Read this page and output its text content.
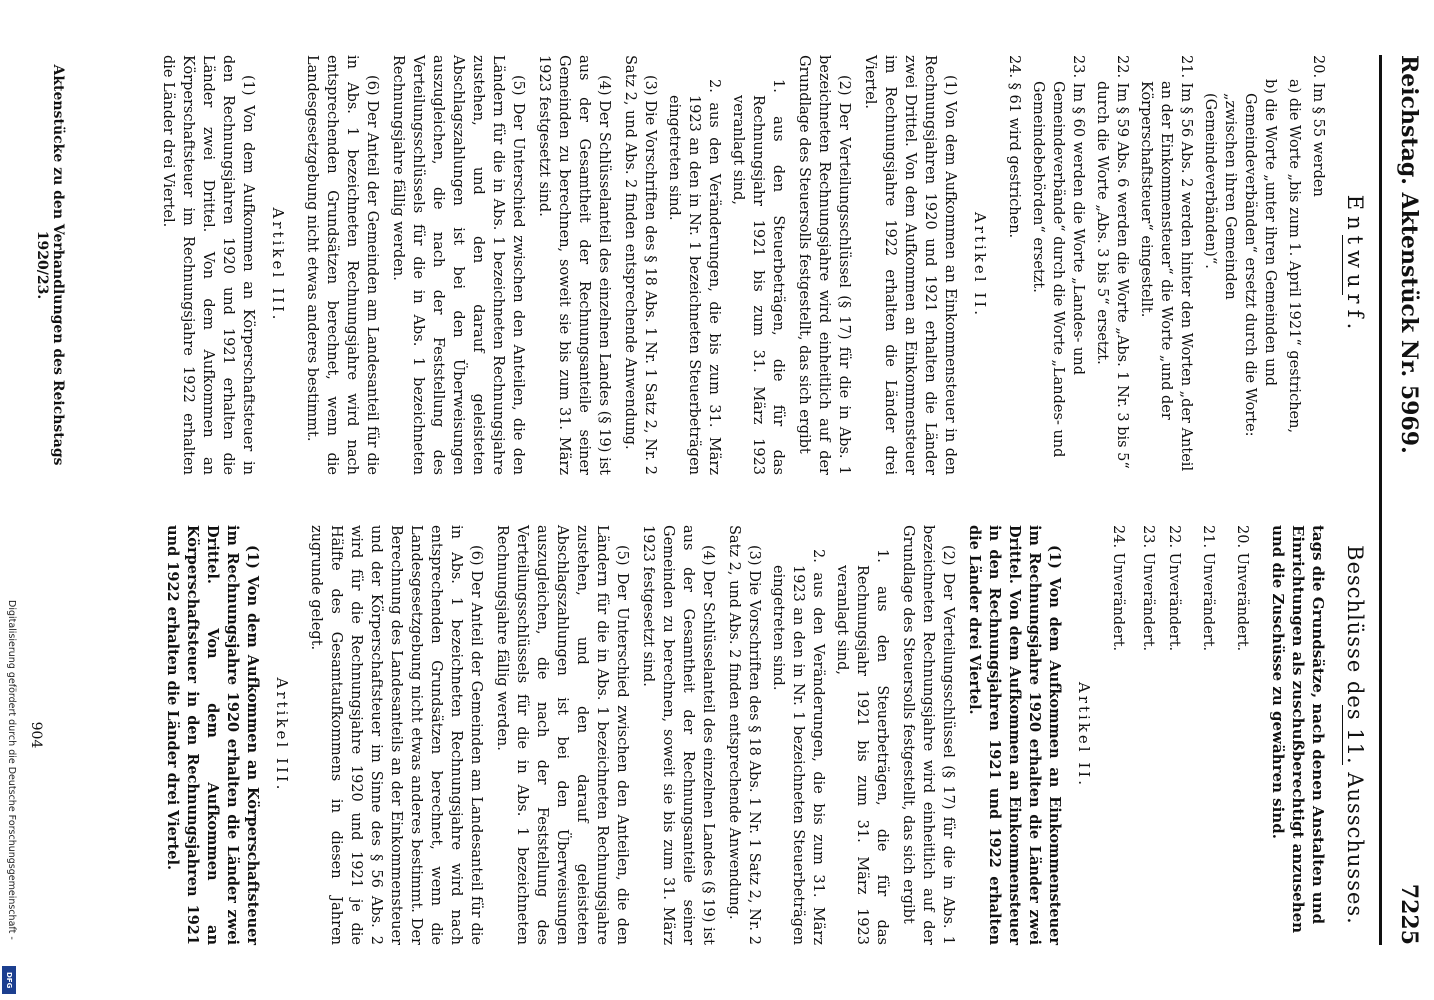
Reichstag. Aktenstück Nr. 5969.
7225
Entwurf.
20. Im § 55 werden
a) die Worte „bis zum 1. April 1921“ gestrichen,
b) die Worte „unter ihren Gemeinden und Gemeindeverbänden“ ersetzt durch die Worte: „zwischen ihren Gemeinden (Gemeindeverbänden)“.
21. Im § 56 Abs. 2 werden hinter den Worten „der Anteil an der Einkommensteuer“ die Worte „und der Körperschaftsteuer“ eingestellt.
22. Im § 59 Abs. 6 werden die Worte „Abs. 1 Nr. 3 bis 5“ durch die Worte „Abs. 3 bis 5“ ersetzt.
23. Im § 60 werden die Worte „Landes- und Gemeindeverbände“ durch die Worte „Landes- und Gemeindebehörden“ ersetzt.
24. § 61 wird gestrichen.
Artikel II.
(1) Von dem Aufkommen an Einkommensteuer in den Rechnungsjahren 1920 und 1921 erhalten die Länder zwei Drittel. Von dem Aufkommen an Einkommensteuer im Rechnungsjahre 1922 erhalten die Länder drei Viertel.
(2) Der Verteilungsschlüssel (§ 17) für die in Abs. 1 bezeichneten Rechnungsjahre wird einheitlich auf der Grundlage des Steuersolls festgestellt, das sich ergibt
1. aus den Steuerbeträgen, die für das Rechnungsjahr 1921 bis zum 31. März 1923 veranlagt sind,
2. aus den Veränderungen, die bis zum 31. März 1923 an den in Nr. 1 bezeichneten Steuerbeträgen eingetreten sind.
(3) Die Vorschriften des § 18 Abs. 1 Nr. 1 Satz 2, Nr. 2 Satz 2, und Abs. 2 finden entsprechende Anwendung.
(4) Der Schlüsselanteil des einzelnen Landes (§ 19) ist aus der Gesamtheit der Rechnungsanteile seiner Gemeinden zu berechnen, soweit sie bis zum 31. März 1923 festgesetzt sind.
(5) Der Unterschied zwischen den Anteilen, die den Ländern für die in Abs. 1 bezeichneten Rechnungsjahre zustehen, und den darauf geleisteten Abschlagszahlungen ist bei den Überweisungen auszugleichen, die nach der Feststellung des Verteilungsschlüssels für die in Abs. 1 bezeichneten Rechnungsjahre fällig werden.
(6) Der Anteil der Gemeinden am Landesanteil für die in Abs. 1 bezeichneten Rechnungsjahre wird nach entsprechenden Grundsätzen berechnet, wenn die Landesgesetzgebung nicht etwas anderes bestimmt.
Artikel III.
(1) Von dem Aufkommen an Körperschaftsteuer in den Rechnungsjahren 1920 und 1921 erhalten die Länder zwei Drittel. Von dem Aufkommen an Körperschaftsteuer im Rechnungsjahre 1922 erhalten die Länder drei Viertel.
Aktenstücke zu den Verhandlungen des Reichstags 1920/23.
Beschlüsse des 11. Ausschusses.
tags die Grundsätze, nach denen Anstalten und Einrichtungen als zuschußberechtigt anzusehen und die Zuschüsse zu gewähren sind.
20. Unverändert.
21. Unverändert.
22. Unverändert.
23. Unverändert.
24. Unverändert.
Artikel II.
(1) Von dem Aufkommen an Einkommensteuer im Rechnungsjahre 1920 erhalten die Länder zwei Drittel. Von dem Aufkommen an Einkommensteuer in den Rechnungsjahren 1921 und 1922 erhalten die Länder drei Viertel.
(2) Der Verteilungsschlüssel (§ 17) für die in Abs. 1 bezeichneten Rechnungsjahre wird einheitlich auf der Grundlage des Steuersolls festgestellt, das sich ergibt
1. aus den Steuerbeträgen, die für das Rechnungsjahr 1921 bis zum 31. März 1923 veranlagt sind,
2. aus den Veränderungen, die bis zum 31. März 1923 an den in Nr. 1 bezeichneten Steuerbeträgen eingetreten sind.
(3) Die Vorschriften des § 18 Abs. 1 Nr. 1 Satz 2, Nr. 2 Satz 2, und Abs. 2 finden entsprechende Anwendung.
(4) Der Schlüsselanteil des einzelnen Landes (§ 19) ist aus der Gesamtheit der Rechnungsanteile seiner Gemeinden zu berechnen, soweit sie bis zum 31. März 1923 festgesetzt sind.
(5) Der Unterschied zwischen den Anteilen, die den Ländern für die in Abs. 1 bezeichneten Rechnungsjahre zustehen, und den darauf geleisteten Abschlagszahlungen ist bei den Überweisungen auszugleichen, die nach der Feststellung des Verteilungsschlüssels für die in Abs. 1 bezeichneten Rechnungsjahre fällig werden.
(6) Der Anteil der Gemeinden am Landesanteil für die in Abs. 1 bezeichneten Rechnungsjahre wird nach entsprechenden Grundsätzen berechnet, wenn die Landesgesetzgebung nicht etwas anderes bestimmt. Der Berechnung des Landesanteils an der Einkommensteuer und der Körperschaftsteuer im Sinne des § 56 Abs. 2 wird für die Rechnungsjahre 1920 und 1921 je die Hälfte des Gesamtaufkommens in diesen Jahren zugrunde gelegt.
Artikel III.
(1) Von dem Aufkommen an Körperschaftsteuer im Rechnungsjahre 1920 erhalten die Länder zwei Drittel. Von dem Aufkommen an Körperschaftsteuer in den Rechnungsjahren 1921 und 1922 erhalten die Länder drei Viertel.
904
Digitalisierung gefördert durch die Deutsche Forschungsgemeinschaft -
DFG
